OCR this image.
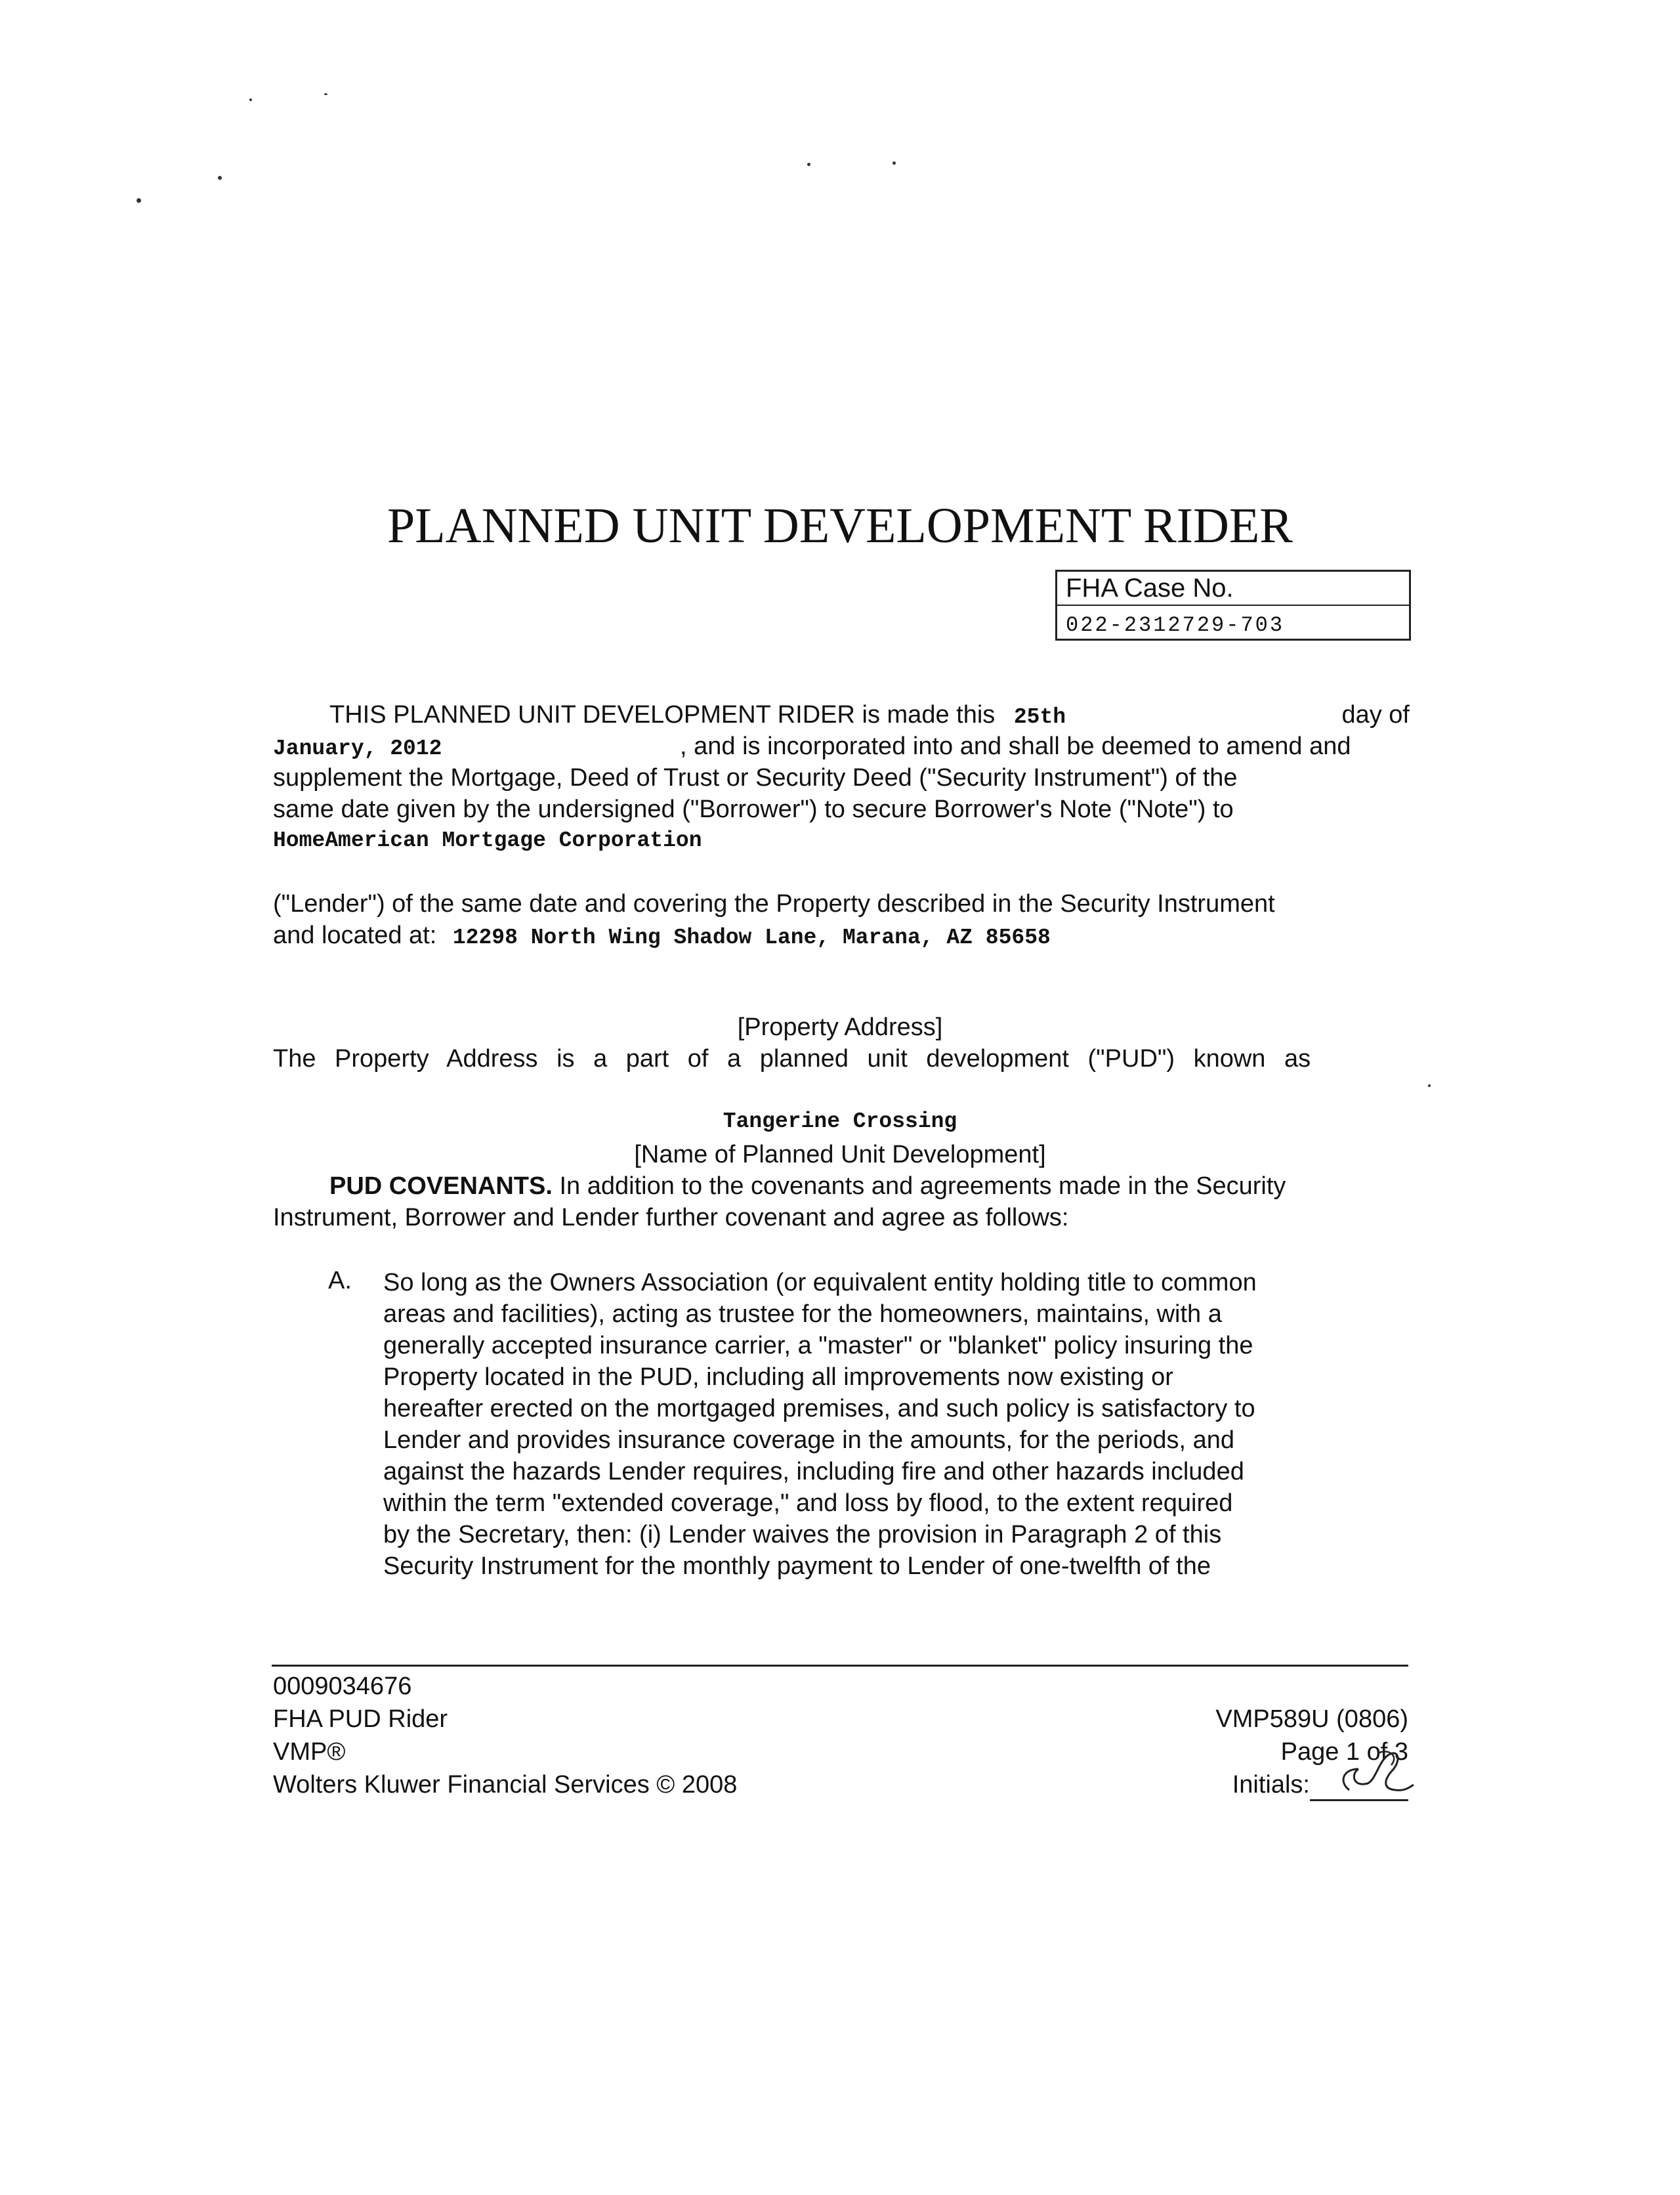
PLANNED UNIT DEVELOPMENT RIDER
FHA Case No.
022-2312729-703
THIS PLANNED UNIT DEVELOPMENT RIDER is made this 25th	day of
January, 2012	, and is incorporated into and shall be deemed to amend and
supplement the Mortgage, Deed of Trust or Security Deed ("Security Instrument") of the
same date given by the undersigned ("Borrower") to secure Borrower's Note ("Note") to
HomeAmerican Mortgage Corporation
("Lender") of the same date and covering the Property described in the Security Instrument
and located at: 12298 North Wing Shadow Lane, Marana, AZ 85658
[Property Address]
The Property Address is a part of a planned unit development ("PUD") known as
Tangerine Crossing
[Name of Planned Unit Development]
PUD COVENANTS. In addition to the covenants and agreements made in the Security
Instrument, Borrower and Lender further covenant and agree as follows:
A. So long as the Owners Association (or equivalent entity holding title to common
areas and facilities), acting as trustee for the homeowners, maintains, with a
generally accepted insurance carrier, a "master" or "blanket" policy insuring the
Property located in the PUD, including all improvements now existing or
hereafter erected on the mortgaged premises, and such policy is satisfactory to
Lender and provides insurance coverage in the amounts, for the periods, and
against the hazards Lender requires, including fire and other hazards included
within the term "extended coverage," and loss by flood, to the extent required
by the Secretary, then: (i) Lender waives the provision in Paragraph 2 of this
Security Instrument for the monthly payment to Lender of one-twelfth of the
0009034676
FHA PUD Rider
VMP®
Wolters Kluwer Financial Services © 2008
VMP589U (0806)
Page 1 of 3
Initials:
